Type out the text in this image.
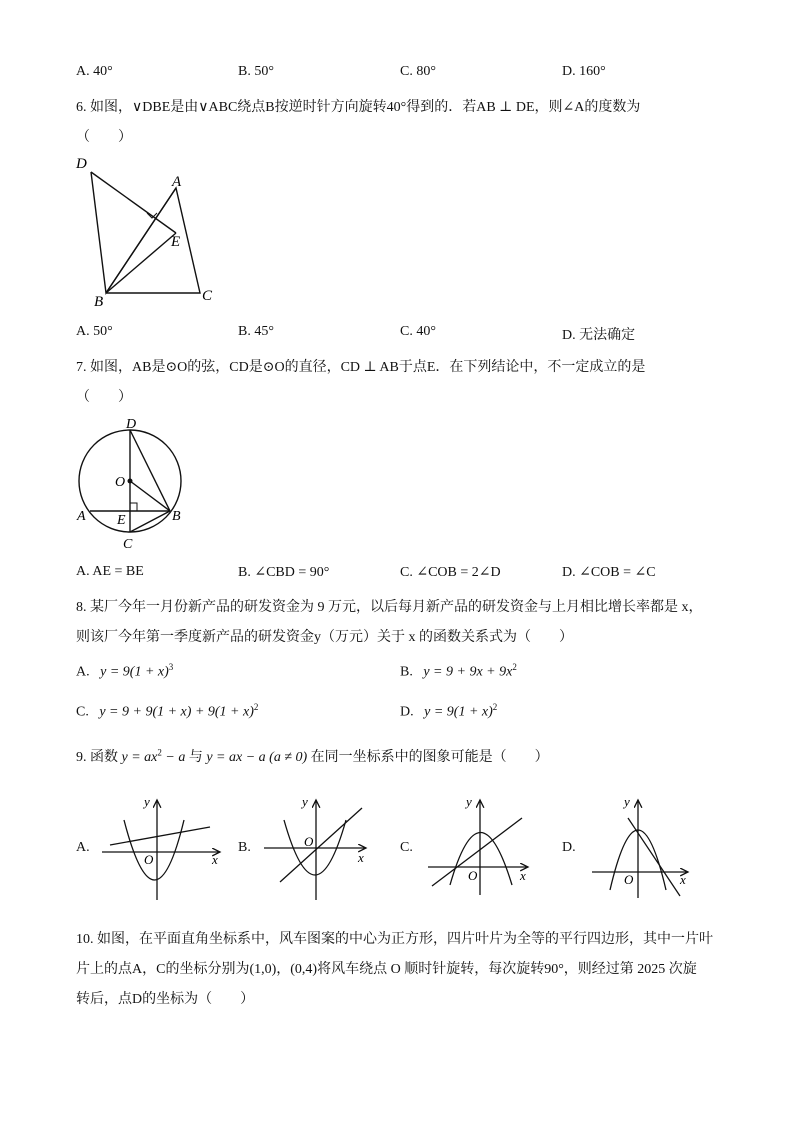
A. 40°	B. 50°	C. 80°	D. 160°
6. 如图，∨DBE是由∨ABC绕点B按逆时针方向旋转40°得到的．若AB ⊥ DE，则∠A的度数为
（　　）
D
A
E
B	C
A. 50°	B. 45°	C. 40°	D. 无法确定
7. 如图，AB是⊙O的弦，CD是⊙O的直径，CD ⊥ AB于点E．在下列结论中，不一定成立的是
（　　）
D
O
A E	B
C
A. AE = BE	B. ∠CBD = 90°	C. ∠COB = 2∠D	D. ∠COB = ∠C
8. 某厂今年一月份新产品的研发资金为 9 万元，以后每月新产品的研发资金与上月相比增长率都是 x，
则该厂今年第一季度新产品的研发资金y（万元）关于 x 的函数关系式为（　　）
A. $y = 9(1 + x)^3$	B. $y = 9 + 9x + 9x^2$
C. $y = 9 + 9(1 + x) + 9(1 + x)^2$	D. $y = 9(1 + x)^2$
9. 函数 $y = ax^2 - a$ 与 y = ax − a (a ≠ 0) 在同一坐标系中的图象可能是（　　）
A.	B.	C.	D.
x
y
O	x
y
O
x
y
O	x
y
O
10. 如图，在平面直角坐标系中，风车图案的中心为正方形，四片叶片为全等的平行四边形，其中一片叶
片上的点A，C的坐标分别为(1,0)，(0,4)将风车绕点 O 顺时针旋转，每次旋转90°，则经过第 2025 次旋
转后，点D的坐标为（　　）
